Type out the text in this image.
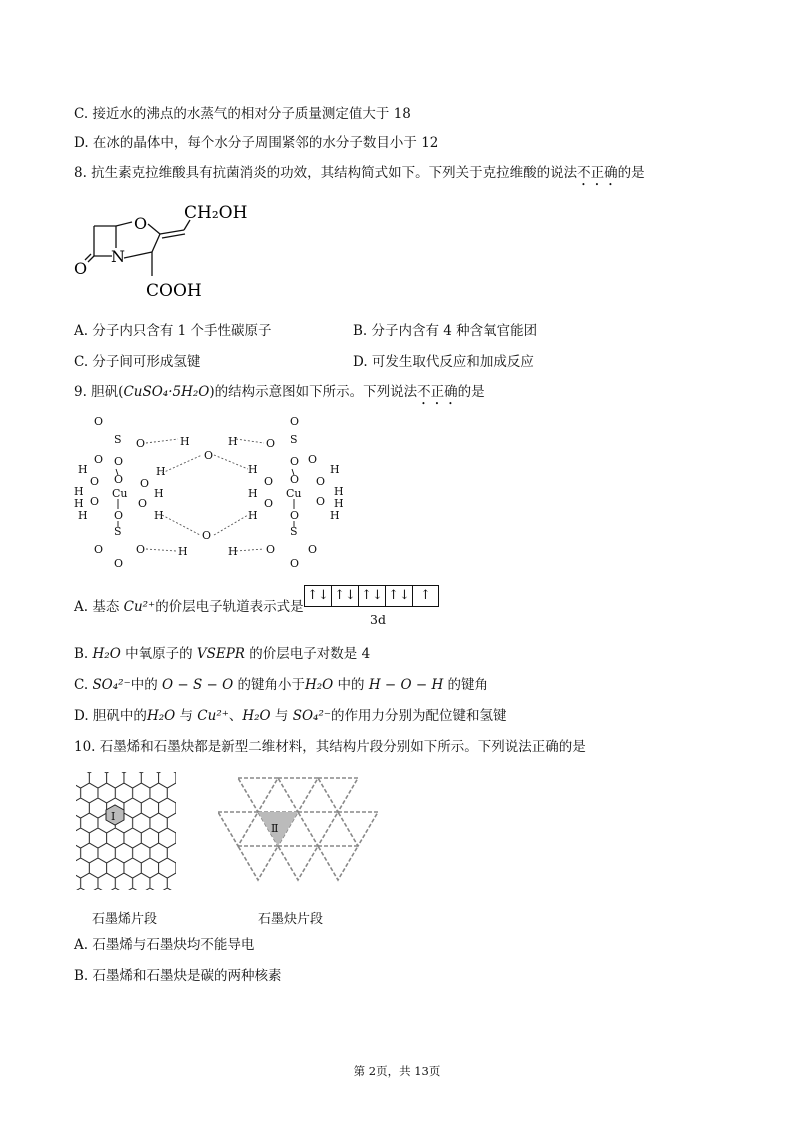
C. 接近水的沸点的水蒸气的相对分子质量测定值大于 18
D. 在冰的晶体中，每个水分子周围紧邻的水分子数目小于 12
8. 抗生素克拉维酸具有抗菌消炎的功效，其结构简式如下。下列关于克拉维酸的说法不正确的是
O
N
O
CH₂OH
COOH
A. 分子内只含有 1 个手性碳原子	B. 分子内含有 4 种含氧官能团
C. 分子间可形成氢键	D. 可发生取代反应和加成反应
9. 胆矾(CuSO₄·5H₂O)的结构示意图如下所示。下列说法不正确的是
O
S
O
O
O
H
O
H
O
S
O
O
O
O
Cu
H
O
H
H O
H
O
H
H
O
H
O
O
Cu
H
O
H
O
H
H
O
H
H
O
H
O
S
O	O
O
H
O
H
S
O	O
O
A. 基态 Cu²⁺的价层电子轨道表示式是
↑↓ ↑↓ ↑↓ ↑↓ ↑
3d
B. H₂O 中氧原子的 VSEPR 的价层电子对数是 4
C. SO₄²⁻中的 O − S − O 的键角小于H₂O 中的 H − O − H 的键角
D. 胆矾中的H₂O 与 Cu²⁺、H₂O 与 SO₄²⁻的作用力分别为配位键和氢键
10. 石墨烯和石墨炔都是新型二维材料，其结构片段分别如下所示。下列说法正确的是
Ⅰ
Ⅱ
石墨烯片段	石墨炔片段
A. 石墨烯与石墨炔均不能导电
B. 石墨烯和石墨炔是碳的两种核素
第 2页，共 13页
